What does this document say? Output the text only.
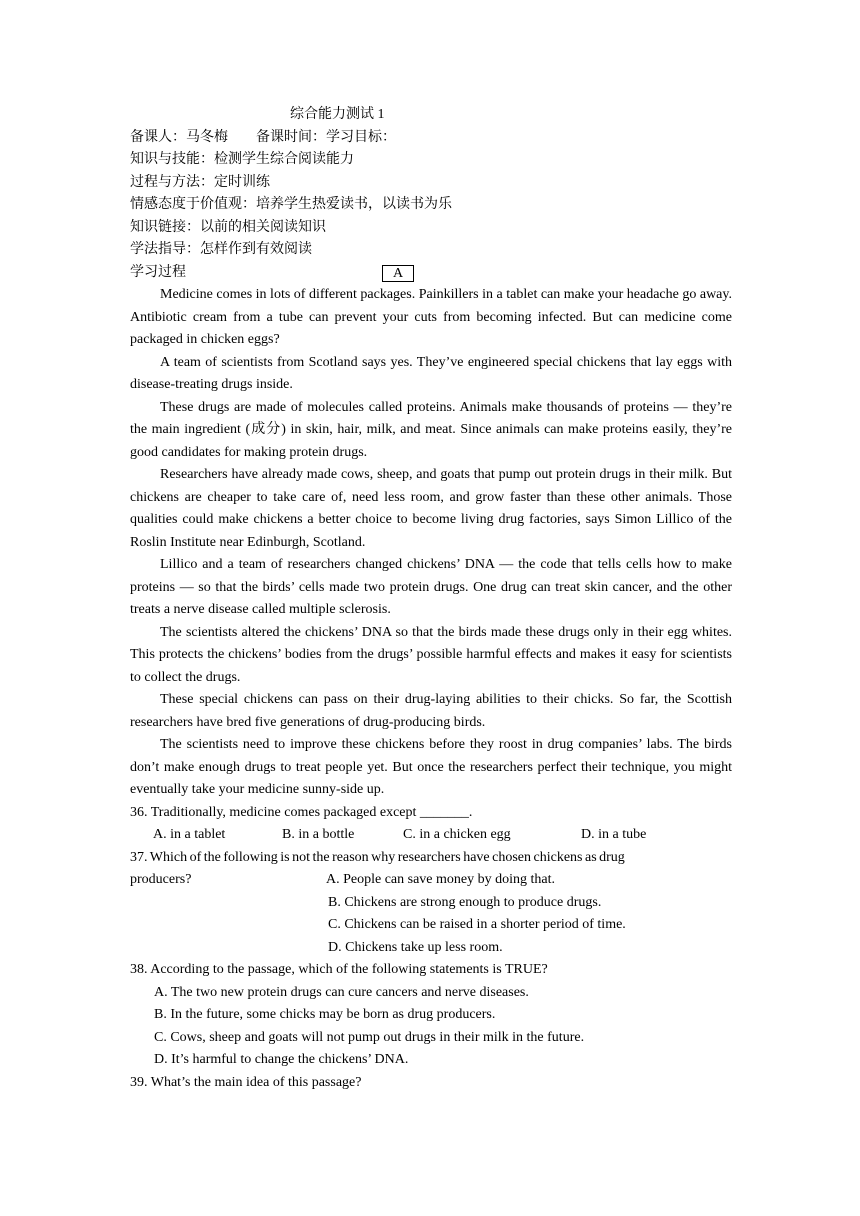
综合能力测试 1
备课人：马冬梅　　备课时间：学习目标：
知识与技能：检测学生综合阅读能力
过程与方法：定时训练
情感态度于价值观：培养学生热爱读书，以读书为乐
知识链接：以前的相关阅读知识
学法指导：怎样作到有效阅读
学习过程	A

Medicine comes in lots of different packages. Painkillers in a tablet can make your headache go away. Antibiotic cream from a tube can prevent your cuts from becoming infected. But can medicine come packaged in chicken eggs?

A team of scientists from Scotland says yes. They’ve engineered special chickens that lay eggs with disease-treating drugs inside.

These drugs are made of molecules called proteins. Animals make thousands of proteins — they’re the main ingredient (成分) in skin, hair, milk, and meat. Since animals can make proteins easily, they’re good candidates for making protein drugs.

Researchers have already made cows, sheep, and goats that pump out protein drugs in their milk. But chickens are cheaper to take care of, need less room, and grow faster than these other animals. Those qualities could make chickens a better choice to become living drug factories, says Simon Lillico of the Roslin Institute near Edinburgh, Scotland.

Lillico and a team of researchers changed chickens’ DNA — the code that tells cells how to make proteins — so that the birds’ cells made two protein drugs. One drug can treat skin cancer, and the other treats a nerve disease called multiple sclerosis.

The scientists altered the chickens’ DNA so that the birds made these drugs only in their egg whites. This protects the chickens’ bodies from the drugs’ possible harmful effects and makes it easy for scientists to collect the drugs.

These special chickens can pass on their drug-laying abilities to their chicks. So far, the Scottish researchers have bred five generations of drug-producing birds.

The scientists need to improve these chickens before they roost in drug companies’ labs. The birds don’t make enough drugs to treat people yet. But once the researchers perfect their technique, you might eventually take your medicine sunny-side up.

36. Traditionally, medicine comes packaged except _______.
A. in a tablet	B. in a bottle	C. in a chicken egg	D. in a tube
37. Which of the following is not the reason why researchers have chosen chickens as drug
producers?	A. People can save money by doing that.
B. Chickens are strong enough to produce drugs.
C. Chickens can be raised in a shorter period of time.
D. Chickens take up less room.
38. According to the passage, which of the following statements is TRUE?
A. The two new protein drugs can cure cancers and nerve diseases.
B. In the future, some chicks may be born as drug producers.
C. Cows, sheep and goats will not pump out drugs in their milk in the future.
D. It’s harmful to change the chickens’ DNA.
39. What’s the main idea of this passage?
